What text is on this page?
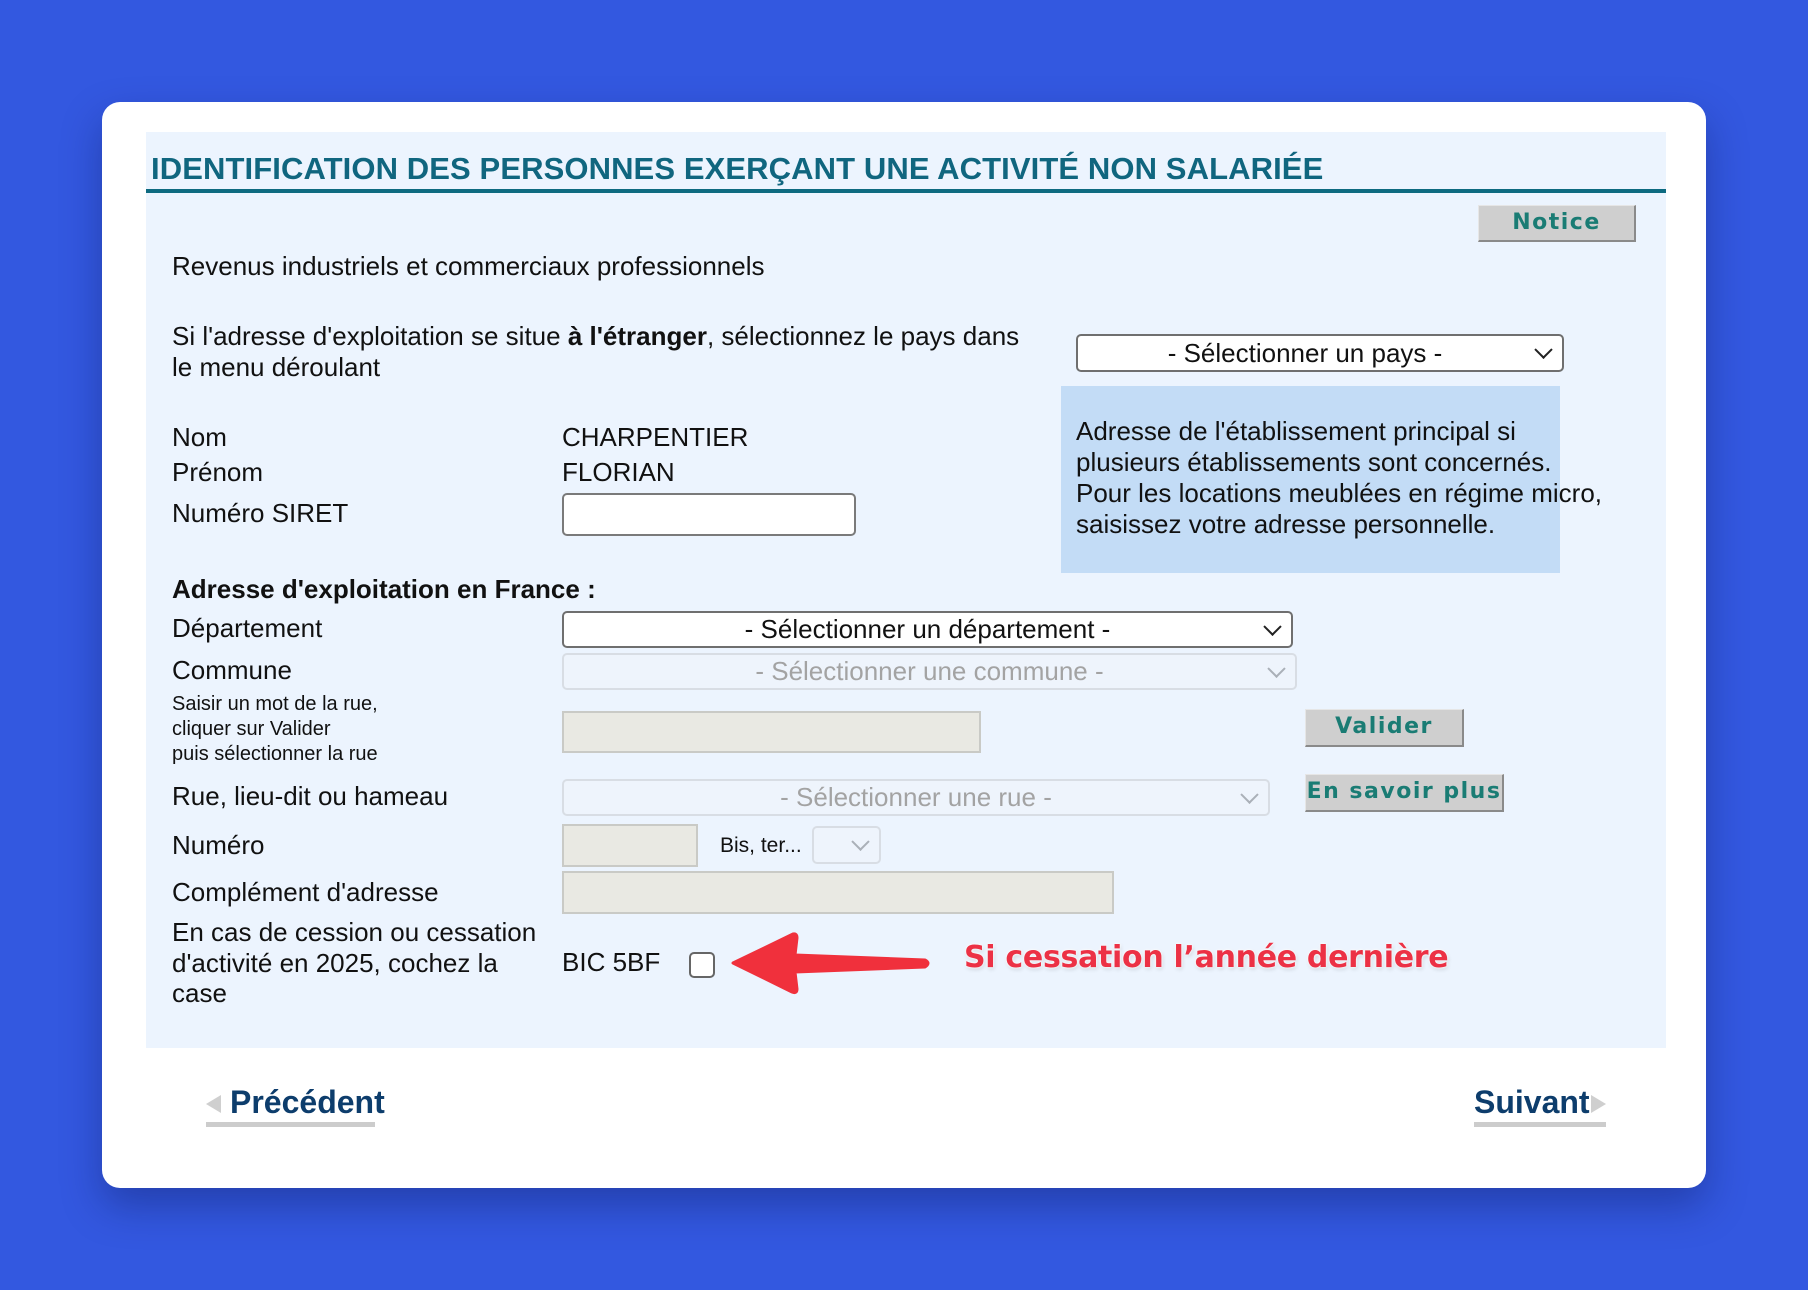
IDENTIFICATION DES PERSONNES EXERÇANT UNE ACTIVITÉ NON SALARIÉE
Notice
Revenus industriels et commerciaux professionnels
Si l'adresse d'exploitation se situe à l'étranger, sélectionnez le pays dans
le menu déroulant	- Sélectionner un pays -
Adresse de l'établissement principal si
plusieurs établissements sont concernés.
Pour les locations meublées en régime micro,
saisissez votre adresse personnelle.
Nom	CHARPENTIER
Prénom	FLORIAN
Numéro SIRET
Adresse d'exploitation en France :
Département	- Sélectionner un département -
Commune	- Sélectionner une commune -
Saisir un mot de la rue,
cliquer sur Valider
puis sélectionner la rue
Valider
Rue, lieu-dit ou hameau	- Sélectionner une rue -	En savoir plus
Numéro	Bis, ter...
Complément d'adresse
En cas de cession ou cessation
d'activité en 2025, cochez la
case
BIC 5BF	Si cessation l’année dernière
Précédent	Suivant
